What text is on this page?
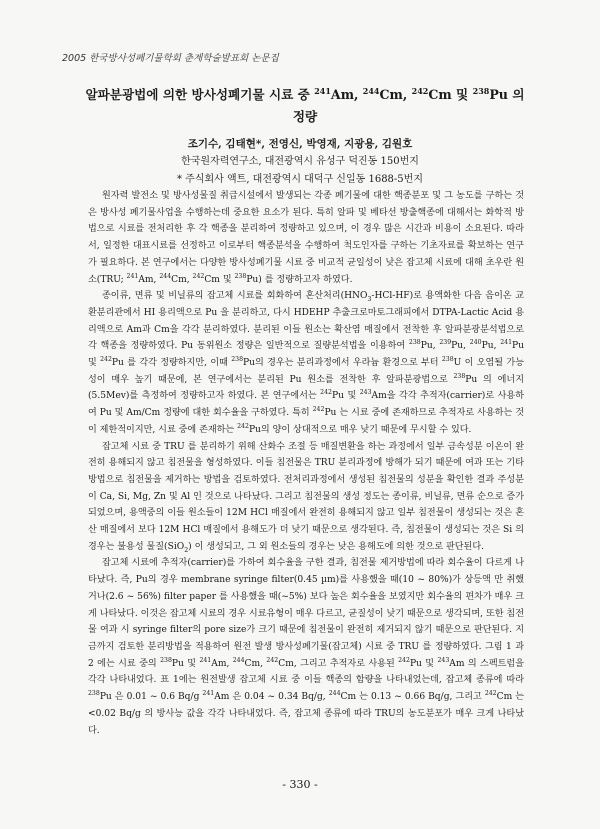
2005 한국방사성폐기물학회 춘계학술발표회 논문집
알파분광법에 의한 방사성폐기물 시료 중 $^{241}$Am, $^{244}$Cm, $^{242}$Cm 및 $^{238}$Pu 의
정량
조기수, 김태현*, 전영신, 박영재, 지광용, 김원호
한국원자력연구소, 대전광역시 유성구 덕진동 150번지
* 주식회사 액트, 대전광역시 대덕구 신일동 1688-5번지

원자력 발전소 및 방사성물질 취급시설에서 발생되는 각종 폐기물에 대한 핵종분포 및 그 농도를 구하는 것은 방사성 폐기물사업을 수행하는데 중요한 요소가 된다. 특히 알파 및 베타선 방출핵종에 대해서는 화학적 방법으로 시료를 전처리한 후 각 핵종을 분리하여 정량하고 있으며, 이 경우 많은 시간과 비용이 소요된다. 따라서, 일정한 대표시료를 선정하고 이로부터 핵종분석을 수행하여 척도인자를 구하는 기초자료를 확보하는 연구가 필요하다. 본 연구에서는 다양한 방사성폐기물 시료 중 비교적 균일성이 낮은 잡고체 시료에 대해 초우란 원소(TRU; $^{241}$Am, $^{244}$Cm, $^{242}$Cm 및 $^{238}$Pu) 를 정량하고자 하였다.

종이류, 면류 및 비닐류의 잡고체 시료를 회화하여 혼산처리$(HNO_3-HCl-HF)$로 용액화한 다음 음이온 교환분리관에서 HI 용리액으로 Pu 을 분리하고, 다시 HDEHP 추출크로마토그래피에서 DTPA-Lactic Acid 용리액으로 Am과 Cm을 각각 분리하였다. 분리된 이들 원소는 확산염 매질에서 전착한 후 알파분광분석법으로 각 핵종을 정량하였다. Pu 동위원소 정량은 일반적으로 질량분석법을 이용하여 $^{238}$Pu, $^{239}$Pu, $^{240}$Pu, $^{241}$Pu 및 $^{242}$Pu 를 각각 정량하지만, 이때 $^{238}$Pu의 경우는 분리과정에서 우라늄 환경으로 부터 $^{238}$U 이 오염될 가능성이 매우 높기 때문에, 본 연구에서는 분리된 Pu 원소를 전착한 후 알파분광법으로 $^{238}$Pu 의 에너지(5.5Mev)를 측정하여 정량하고자 하였다. 본 연구에서는 $^{242}$Pu 및 $^{243}$Am을 각각 추적자(carrier)로 사용하여 Pu 및 Am/Cm 정량에 대한 회수율을 구하였다. 특히 $^{242}$Pu 는 시료 중에 존재하므로 추적자로 사용하는 것이 제한적이지만, 시료 중에 존재하는 $^{242}$Pu의 양이 상대적으로 매우 낮기 때문에 무시할 수 있다.

잡고체 시료 중 TRU 를 분리하기 위해 산화수 조절 등 매질변환을 하는 과정에서 일부 금속성분 이온이 완전히 용해되지 않고 침전물을 형성하였다. 이들 침전물은 TRU 분리과정에 방해가 되기 때문에 여과 또는 기타 방법으로 침전물을 제거하는 방법을 검토하였다. 전처리과정에서 생성된 침전물의 성분을 확인한 결과 주성분이 Ca, Si, Mg, Zn 및 Al 인 것으로 나타났다. 그리고 침전물의 생성 정도는 종이류, 비닐류, 면류 순으로 증가되었으며, 용액중의 이들 원소들이 12M HCl 매질에서 완전히 용해되지 않고 일부 침전물이 생성되는 것은 혼산 매질에서 보다 12M HCl 매질에서 용해도가 더 낮기 때문으로 생각된다. 즉, 침전물이 생성되는 것은 Si 의 경우는 불용성 물질(SiO$_2$) 이 생성되고, 그 외 원소들의 경우는 낮은 용해도에 의한 것으로 판단된다.

잡고체 시료에 추적자(carrier)를 가하여 회수율을 구한 결과, 침전물 제거방법에 따라 회수율이 다르게 나타났다. 즉, Pu의 경우 membrane syringe filter(0.45 µm)를 사용했을 때(10 ~ 80%)가 상등액 만 취했거나(2.6 ~ 56%) filter paper 를 사용했을 때(~5%) 보다 높은 회수율을 보였지만 회수율의 편차가 매우 크게 나타났다. 이것은 잡고체 시료의 경우 시료유형이 매우 다르고, 균질성이 낮기 때문으로 생각되며, 또한 침전물 여과 시 syringe filter의 pore size가 크기 때문에 침전물이 완전히 제거되지 않기 때문으로 판단된다. 지금까지 검토한 분리방법을 적용하여 원전 발생 방사성폐기물(잡고체) 시료 중 TRU 를 정량하였다. 그림 1 과 2 에는 시료 중의 $^{238}$Pu 및 $^{241}$Am, $^{244}$Cm, $^{242}$Cm, 그리고 추적자로 사용된 $^{242}$Pu 및 $^{243}$Am 의 스펙트럼을 각각 나타내었다. 표 1에는 원전발생 잡고체 시료 중 이들 핵종의 함량을 나타내었는데, 잡고체 종류에 따라 $^{238}$Pu 은 0.01 ~ 0.6 Bq/g $^{241}$Am 은 0.04 ~ 0.34 Bq/g, $^{244}$Cm 는 0.13 ~ 0.66 Bq/g, 그리고 $^{242}$Cm 는 <0.02 Bq/g 의 방사능 값을 각각 나타내었다. 즉, 잡고체 종류에 따라 TRU의 농도분포가 매우 크게 나타났다.

- 330 -
